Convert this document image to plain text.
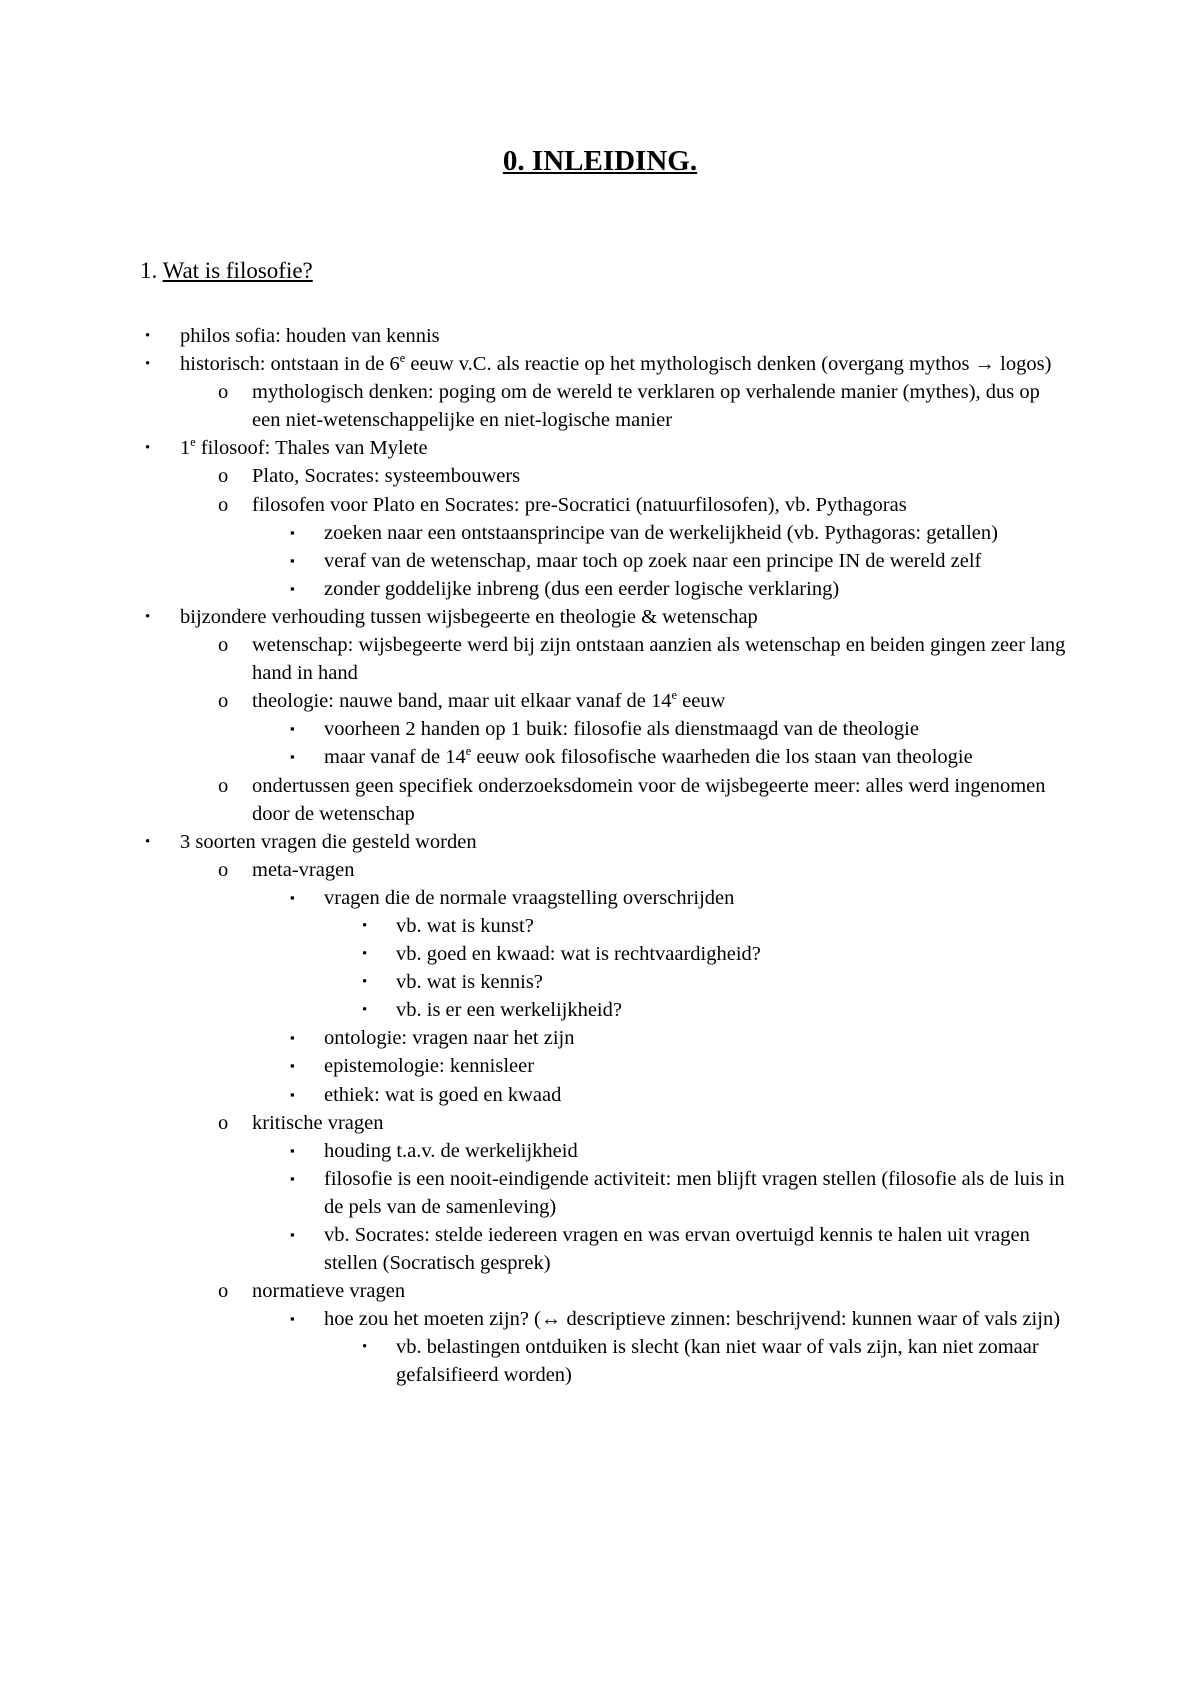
0. INLEIDING.
1. Wat is filosofie?
• philos sofia: houden van kennis
• historisch: ontstaan in de 6e eeuw v.C. als reactie op het mythologisch denken (overgang mythos → logos)
o mythologisch denken: poging om de wereld te verklaren op verhalende manier (mythes), dus op een niet-wetenschappelijke en niet-logische manier
• 1e filosoof: Thales van Mylete
o Plato, Socrates: systeembouwers
o filosofen voor Plato en Socrates: pre-Socratici (natuurfilosofen), vb. Pythagoras
▪ zoeken naar een ontstaansprincipe van de werkelijkheid (vb. Pythagoras: getallen)
▪ veraf van de wetenschap, maar toch op zoek naar een principe IN de wereld zelf
▪ zonder goddelijke inbreng (dus een eerder logische verklaring)
• bijzondere verhouding tussen wijsbegeerte en theologie & wetenschap
o wetenschap: wijsbegeerte werd bij zijn ontstaan aanzien als wetenschap en beiden gingen zeer lang hand in hand
o theologie: nauwe band, maar uit elkaar vanaf de 14e eeuw
▪ voorheen 2 handen op 1 buik: filosofie als dienstmaagd van de theologie
▪ maar vanaf de 14e eeuw ook filosofische waarheden die los staan van theologie
o ondertussen geen specifiek onderzoeksdomein voor de wijsbegeerte meer: alles werd ingenomen door de wetenschap
• 3 soorten vragen die gesteld worden
o meta-vragen
▪ vragen die de normale vraagstelling overschrijden
• vb. wat is kunst?
• vb. goed en kwaad: wat is rechtvaardigheid?
• vb. wat is kennis?
• vb. is er een werkelijkheid?
▪ ontologie: vragen naar het zijn
▪ epistemologie: kennisleer
▪ ethiek: wat is goed en kwaad
o kritische vragen
▪ houding t.a.v. de werkelijkheid
▪ filosofie is een nooit-eindigende activiteit: men blijft vragen stellen (filosofie als de luis in de pels van de samenleving)
▪ vb. Socrates: stelde iedereen vragen en was ervan overtuigd kennis te halen uit vragen stellen (Socratisch gesprek)
o normatieve vragen
▪ hoe zou het moeten zijn? (↔ descriptieve zinnen: beschrijvend: kunnen waar of vals zijn)
• vb. belastingen ontduiken is slecht (kan niet waar of vals zijn, kan niet zomaar gefalsifieerd worden)
